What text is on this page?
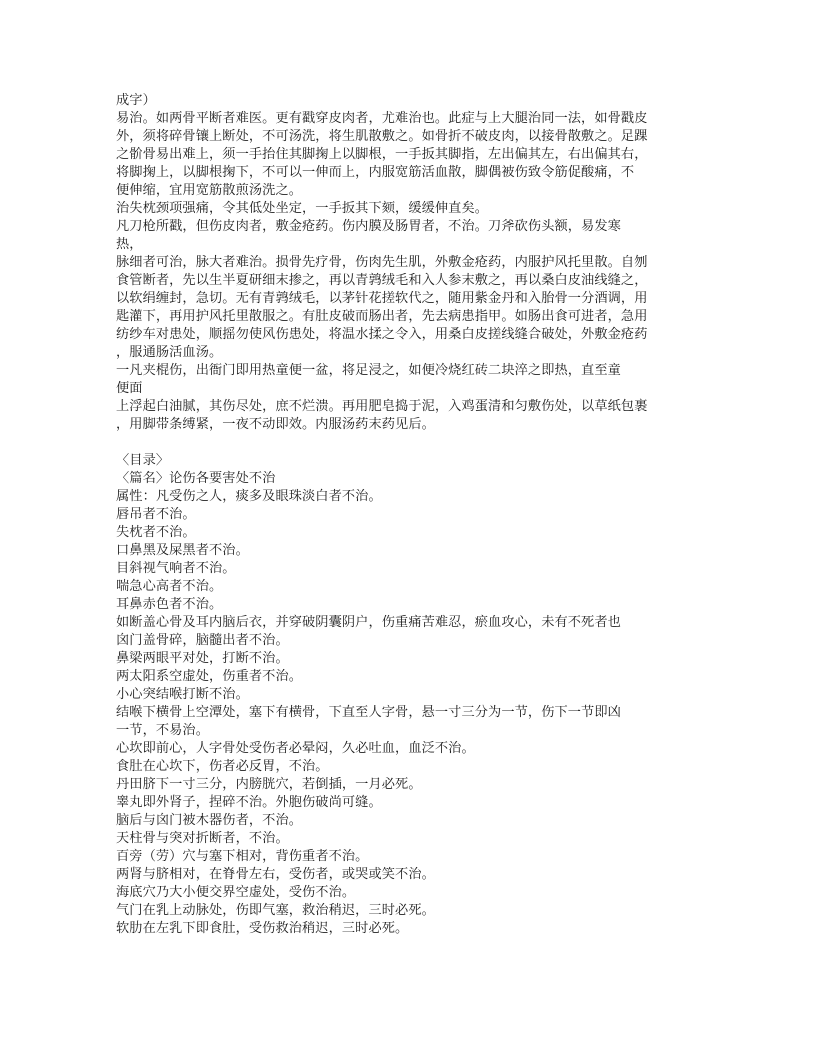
成字）
易治。如两骨平断者难医。更有戳穿皮肉者，尤难治也。此症与上大腿治同一法，如骨戳皮
外，须将碎骨镶上断处，不可汤洗，将生肌散敷之。如骨折不破皮肉，以接骨散敷之。足踝
之骱骨易出难上，须一手抬住其脚掬上以脚根，一手扳其脚指，左出偏其左，右出偏其右，
将脚掬上，以脚根掬下，不可以一伸而上，内服宽筋活血散，脚偶被伤致令筋促酸痛，不
便伸缩，宜用宽筋散煎汤洗之。
治失枕颈项强痛，令其低处坐定，一手扳其下颏，缓缓伸直矣。
凡刀枪所戳，但伤皮肉者，敷金疮药。伤内膜及肠胃者，不治。刀斧砍伤头额，易发寒
热，
脉细者可治，脉大者难治。损骨先疗骨，伤肉先生肌，外敷金疮药，内服护风托里散。自刎
食管断者，先以生半夏研细末掺之，再以青鹑绒毛和入人参末敷之，再以桑白皮油线缝之，
以软绢缠封，急切。无有青鹑绒毛，以茅针花搓软代之，随用紫金丹和入胎骨一分酒调，用
匙灌下，再用护风托里散服之。有肚皮破而肠出者，先去病患指甲。如肠出食可进者，急用
纺纱车对患处，顺摇勿使风伤患处，将温水揉之令入，用桑白皮搓线缝合破处，外敷金疮药
，服通肠活血汤。
一凡夹棍伤，出衙门即用热童便一盆，将足浸之，如便冷烧红砖二块淬之即热，直至童
便面
上浮起白油腻，其伤尽处，庶不烂溃。再用肥皂捣于泥，入鸡蛋清和匀敷伤处，以草纸包裹
，用脚带条缚紧，一夜不动即效。内服汤药末药见后。
〈目录〉
〈篇名〉论伤各要害处不治
属性：凡受伤之人，痰多及眼珠淡白者不治。
唇吊者不治。
失枕者不治。
口鼻黑及屎黑者不治。
目斜视气响者不治。
喘急心高者不治。
耳鼻赤色者不治。
如断盖心骨及耳内脑后衣，并穿破阴囊阴户，伤重痛苦难忍，瘀血攻心，未有不死者也
囟门盖骨碎，脑髓出者不治。
鼻梁两眼平对处，打断不治。
两太阳系空虚处，伤重者不治。
小心突结喉打断不治。
结喉下横骨上空潭处，塞下有横骨，下直至人字骨，悬一寸三分为一节，伤下一节即凶
一节，不易治。
心坎即前心，人字骨处受伤者必晕闷，久必吐血，血泛不治。
食肚在心坎下，伤者必反胃，不治。
丹田脐下一寸三分，内膀胱穴，若倒插，一月必死。
睾丸即外肾子，捏碎不治。外胞伤破尚可缝。
脑后与囟门被木器伤者，不治。
天柱骨与突对折断者，不治。
百旁（劳）穴与塞下相对，背伤重者不治。
两肾与脐相对，在脊骨左右，受伤者，或哭或笑不治。
海底穴乃大小便交界空虚处，受伤不治。
气门在乳上动脉处，伤即气塞，救治稍迟，三时必死。
软肋在左乳下即食肚，受伤救治稍迟，三时必死。
